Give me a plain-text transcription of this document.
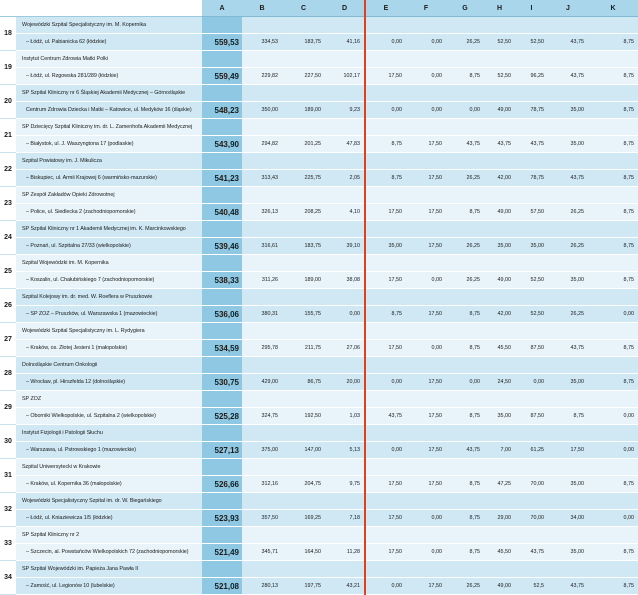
		A	B	C	D	E	F	G	H	I	J	K
18	Wojewódzki Szpital Specjalistyczny im. M. Kopernika											
	– Łódź, ul. Pabianicka 62 (łódzkie)	559,53	334,53	183,75	41,16	0,00	0,00	26,25	52,50	52,50	43,75	8,75
19	Instytut Centrum Zdrowia Matki Polki											
	– Łódź, ul. Rzgowska 281/289 (łódzkie)	559,49	229,82	227,50	102,17	17,50	0,00	8,75	52,50	96,25	43,75	8,75
20	SP Szpital Kliniczny nr 6 Śląskiej Akademii Medycznej – Górnośląskie											
	Centrum Zdrowia Dziecka i Matki – Katowice, ul. Medyków 16 (śląskie)	548,23	350,00	189,00	9,23	0,00	0,00	0,00	49,00	78,75	35,00	8,75
21	SP Dziecięcy Szpital Kliniczny im. dr. L. Zamenhofa Akademii Medycznej											
	– Białystok, ul. J. Waszyngtona 17 (podlaskie)	543,90	294,82	201,25	47,83	8,75	17,50	43,75	43,75	43,75	35,00	8,75
22	Szpital Powiatowy im. J. Mikulicza											
	– Biskupiec, ul. Armii Krajowej 6 (warmińsko-mazurskie)	541,23	313,43	225,75	2,05	8,75	17,50	26,25	42,00	78,75	43,75	8,75
23	SP Zespół Zakładów Opieki Zdrowotnej											
	– Police, ul. Siedlecka 2 (zachodniopomorskie)	540,48	326,13	208,25	4,10	17,50	17,50	8,75	49,00	57,50	26,25	8,75
24	SP Szpital Kliniczny nr 1 Akademii Medycznej im. K. Marcinkowskiego											
	– Poznań, ul. Szpitalna 27/33 (wielkopolskie)	539,46	316,61	183,75	39,10	35,00	17,50	26,25	35,00	35,00	26,25	8,75
25	Szpital Wojewódzki im. M. Kopernika											
	– Koszalin, ul. Chałubińskiego 7 (zachodniopomorskie)	538,33	311,26	189,00	38,08	17,50	0,00	26,25	49,00	52,50	35,00	8,75
26	Szpital Kolejowy im. dr. med. W. Roeflera w Pruszkowie											
	– SP ZOZ – Pruszków, ul. Warszawska 1 (mazowieckie)	536,06	380,31	155,75	0,00	8,75	17,50	8,75	42,00	52,50	26,25	0,00
27	Wojewódzki Szpital Specjalistyczny im. L. Rydygiera											
	– Kraków, os. Złotej Jesieni 1 (małopolskie)	534,59	295,78	211,75	27,06	17,50	0,00	8,75	45,50	87,50	43,75	8,75
28	Dolnośląskie Centrum Onkologii											
	– Wrocław, pl. Hirszfelda 12 (dolnośląskie)	530,75	429,00	86,75	20,00	0,00	17,50	0,00	24,50	0,00	35,00	8,75
29	SP ZOZ											
	– Oborniki Wielkopolskie, ul. Szpitalna 2 (wielkopolskie)	525,28	324,75	192,50	1,03	43,75	17,50	8,75	35,00	87,50	8,75	0,00
30	Instytut Fizjologii i Patologii Słuchu											
	– Warszawa, ul. Pstrowskiego 1 (mazowieckie)	527,13	375,00	147,00	5,13	0,00	17,50	43,75	7,00	61,25	17,50	0,00
31	Szpital Uniwersytecki w Krakowie											
	– Kraków, ul. Kopernika 36 (małopolskie)	526,66	312,16	204,75	9,75	17,50	17,50	8,75	47,25	70,00	35,00	8,75
32	Wojewódzki Specjalistyczny Szpital im. dr. W. Biegańskiego											
	– Łódź, ul. Kniaziewicza 1/5 (łódzkie)	523,93	357,50	169,25	7,18	17,50	0,00	8,75	29,00	70,00	34,00	0,00
33	SP Szpital Kliniczny nr 2											
	– Szczecin, al. Powstańców Wielkopolskich 72 (zachodniopomorskie)	521,49	345,71	164,50	11,28	17,50	0,00	8,75	45,50	43,75	35,00	8,75
34	SP Szpital Wojewódzki im. Papieża Jana Pawła II											
	– Zamość, ul. Legionów 10 (lubelskie)	521,08	280,13	197,75	43,21	0,00	17,50	26,25	49,00	52,5	43,75	8,75
